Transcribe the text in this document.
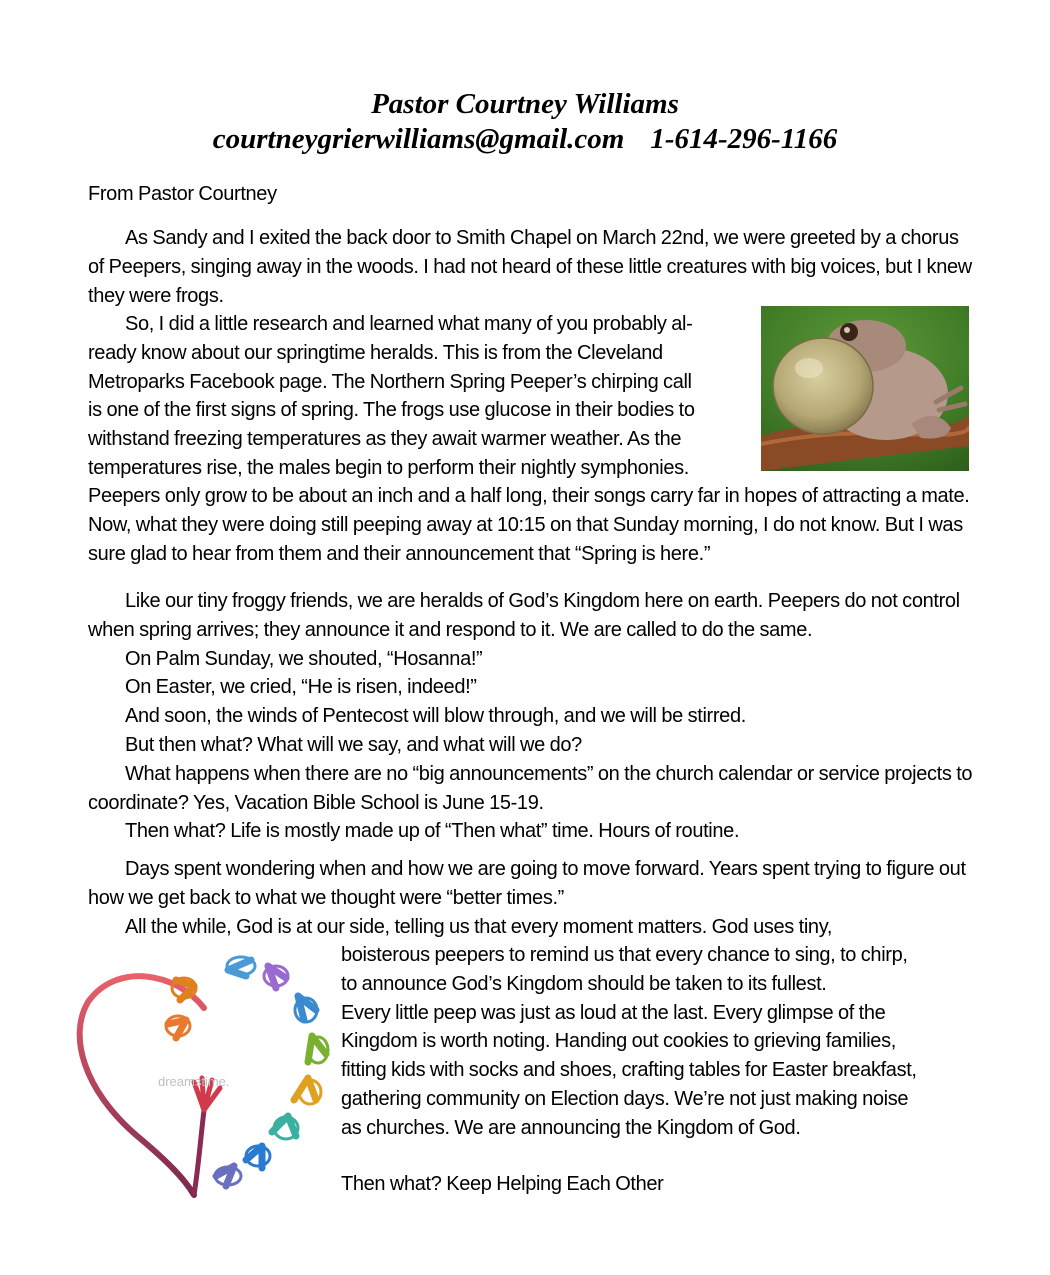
Pastor Courtney Williams
courtneygrierwilliams@gmail.com 1-614-296-1166
From Pastor Courtney

As Sandy and I exited the back door to Smith Chapel on March 22nd, we were greeted by a chorus of Peepers, singing away in the woods. I had not heard of these little creatures with big voices, but I knew they were frogs.

So, I did a little research and learned what many of you probably al-
ready know about our springtime heralds. This is from the Cleveland
Metroparks Facebook page. The Northern Spring Peeper’s chirping call
is one of the first signs of spring. The frogs use glucose in their bodies to
withstand freezing temperatures as they await warmer weather. As the
temperatures rise, the males begin to perform their nightly symphonies.

Peepers only grow to be about an inch and a half long, their songs carry far in hopes of attracting a mate. Now, what they were doing still peeping away at 10:15 on that Sunday morning, I do not know. But I was sure glad to hear from them and their announcement that “Spring is here.”

Like our tiny froggy friends, we are heralds of God’s Kingdom here on earth. Peepers do not control when spring arrives; they announce it and respond to it. We are called to do the same.

On Palm Sunday, we shouted, “Hosanna!”

On Easter, we cried, “He is risen, indeed!”

And soon, the winds of Pentecost will blow through, and we will be stirred.

But then what? What will we say, and what will we do?

What happens when there are no “big announcements” on the church calendar or service projects to coordinate? Yes, Vacation Bible School is June 15-19.

Then what? Life is mostly made up of “Then what” time. Hours of routine.

Days spent wondering when and how we are going to move forward. Years spent trying to figure out how we get back to what we thought were “better times.”

All the while, God is at our side, telling us that every moment matters. God uses tiny,

dreamstime.
boisterous peepers to remind us that every chance to sing, to chirp,
to announce God’s Kingdom should be taken to its fullest.
Every little peep was just as loud at the last. Every glimpse of the
Kingdom is worth noting. Handing out cookies to grieving families,
fitting kids with socks and shoes, crafting tables for Easter breakfast,
gathering community on Election days. We’re not just making noise
as churches. We are announcing the Kingdom of God.
Then what? Keep Helping Each Other
